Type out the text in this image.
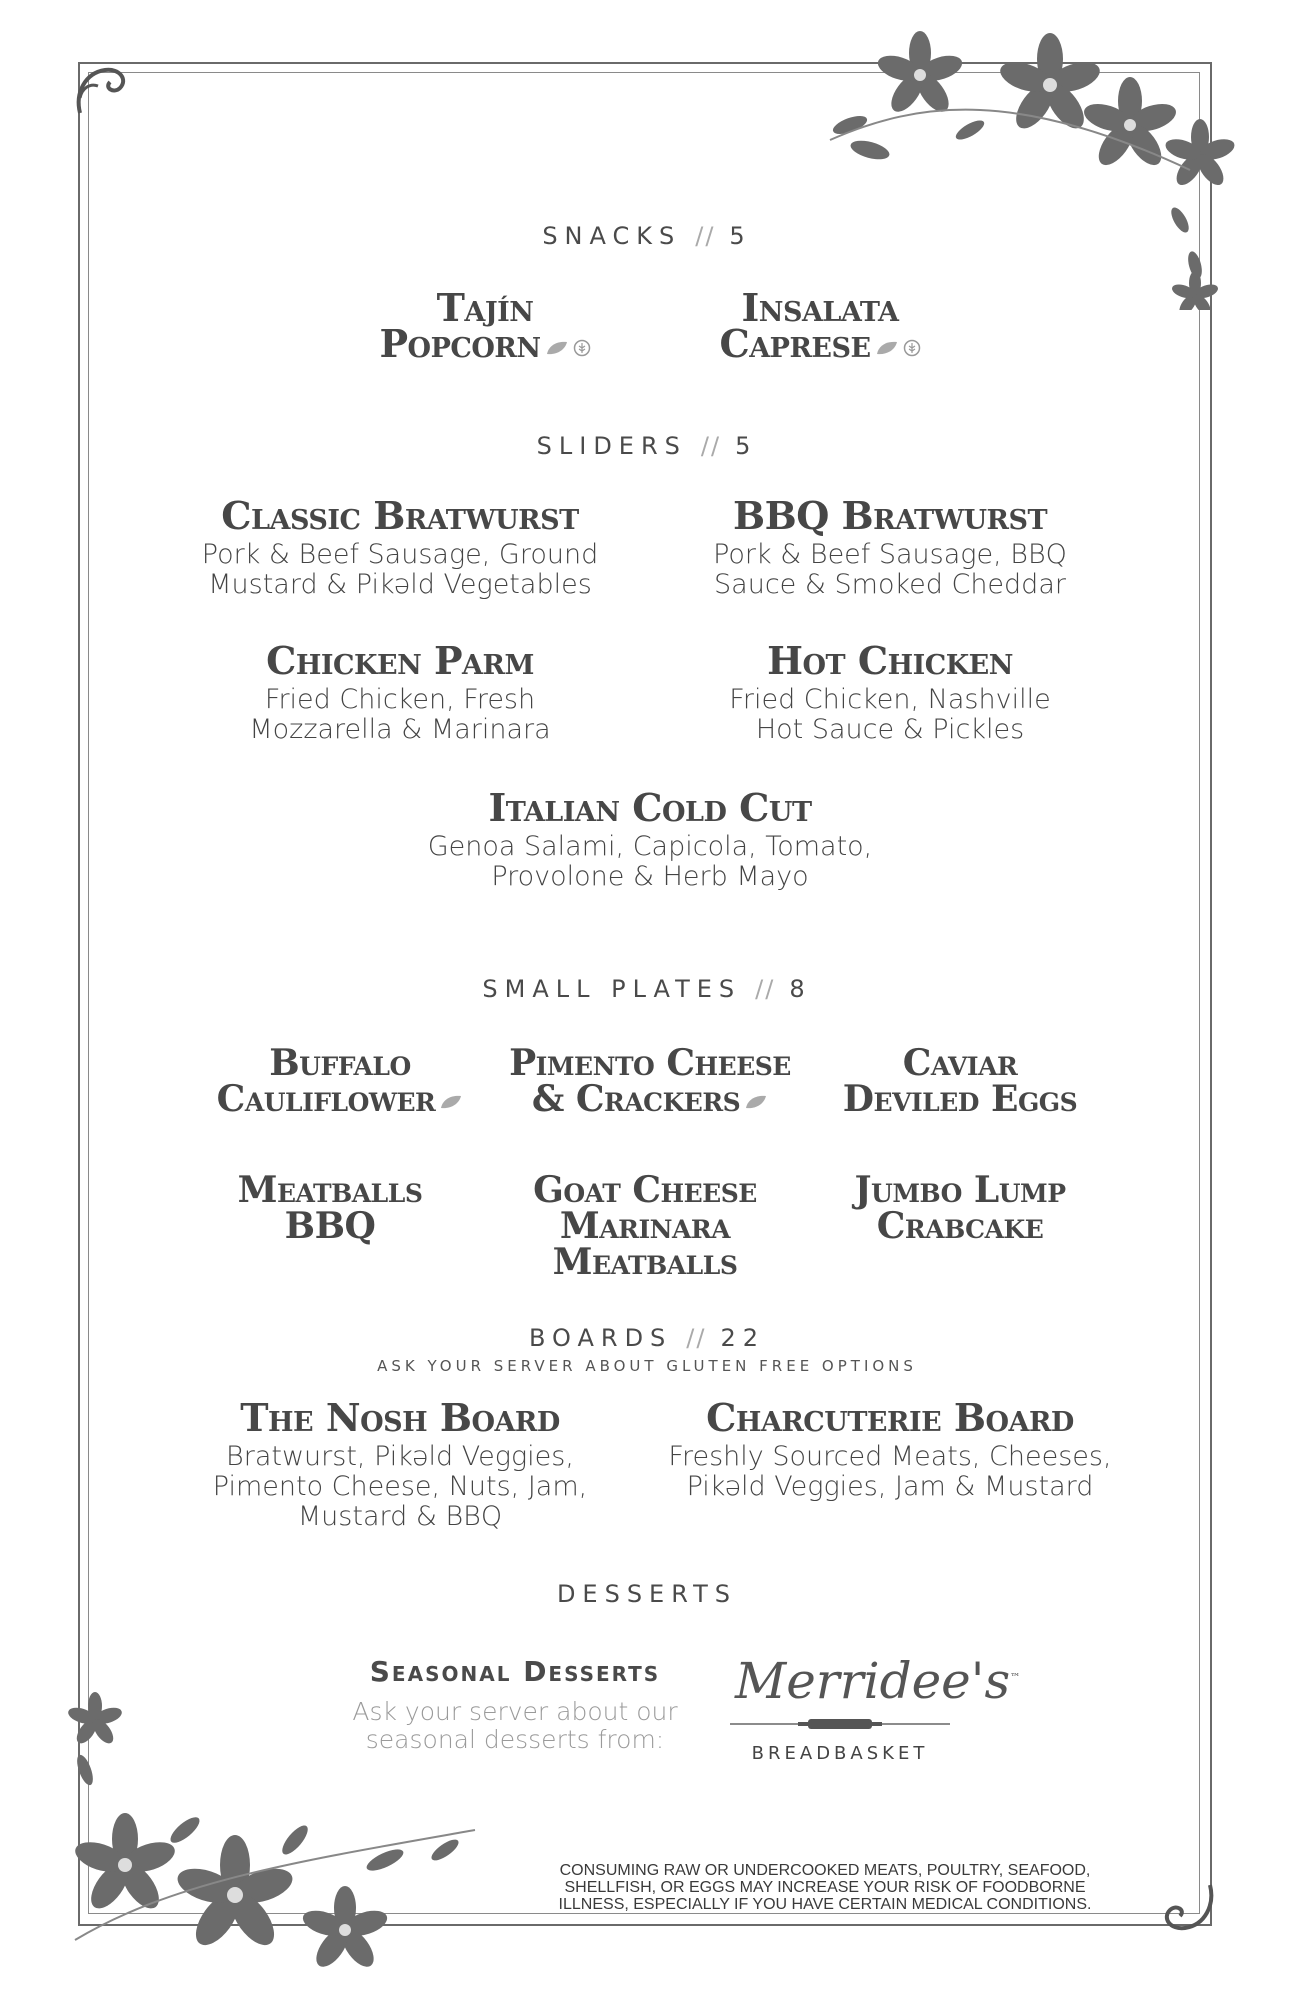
SNACKS // 5
Tajín
Popcorn
Insalata
Caprese
SLIDERS // 5
Classic Bratwurst
Pork & Beef Sausage, Ground
Mustard & Pikəld Vegetables
BBQ Bratwurst
Pork & Beef Sausage, BBQ
Sauce & Smoked Cheddar
Chicken Parm
Fried Chicken, Fresh
Mozzarella & Marinara
Hot Chicken
Fried Chicken, Nashville
Hot Sauce & Pickles
Italian Cold Cut
Genoa Salami, Capicola, Tomato,
Provolone & Herb Mayo
SMALL PLATES // 8
Buffalo
Cauliflower
Pimento Cheese
& Crackers
Caviar
Deviled Eggs
Meatballs
BBQ
Goat Cheese
Marinara Meatballs
Jumbo Lump
Crabcake
BOARDS // 22
ASK YOUR SERVER ABOUT GLUTEN FREE OPTIONS
The Nosh Board
Bratwurst, Pikəld Veggies,
Pimento Cheese, Nuts, Jam,
Mustard & BBQ
Charcuterie Board
Freshly Sourced Meats, Cheeses,
Pikəld Veggies, Jam & Mustard
DESSERTS
Seasonal Desserts
Ask your server about our
seasonal desserts from:
Merridee's™
BREADBASKET
CONSUMING RAW OR UNDERCOOKED MEATS, POULTRY, SEAFOOD,
SHELLFISH, OR EGGS MAY INCREASE YOUR RISK OF FOODBORNE
ILLNESS, ESPECIALLY IF YOU HAVE CERTAIN MEDICAL CONDITIONS.
